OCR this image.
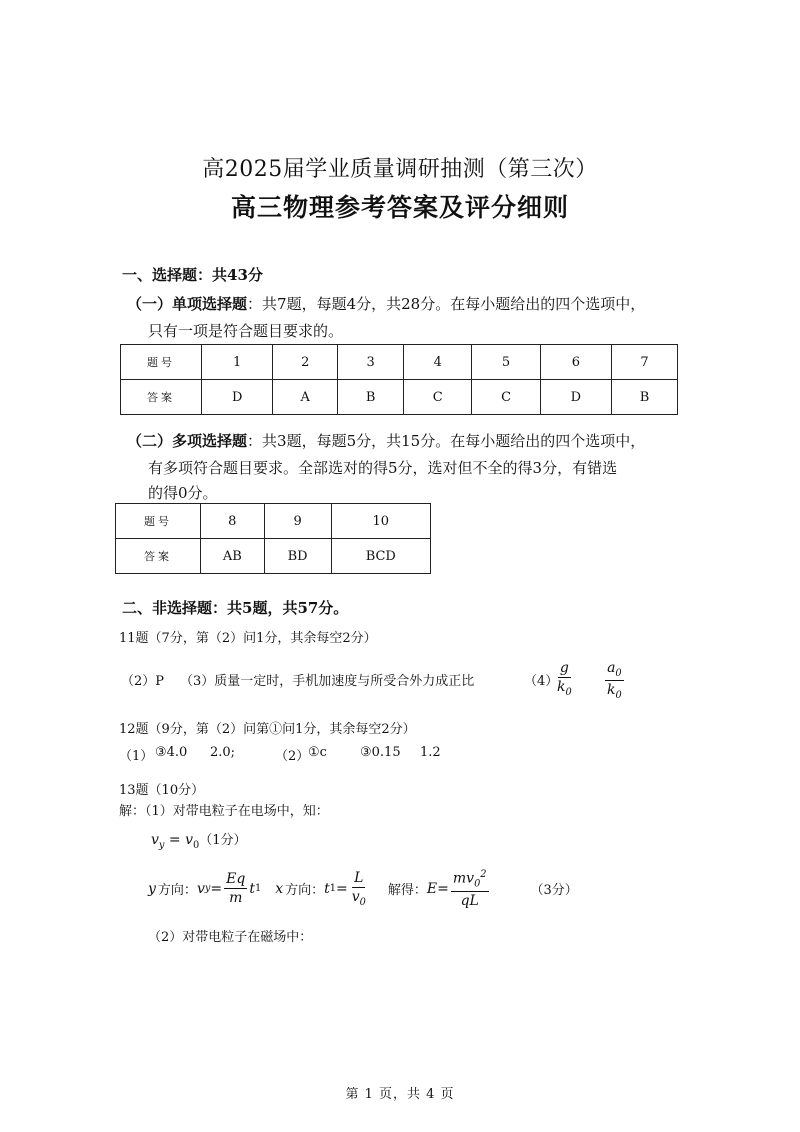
高2025届学业质量调研抽测（第三次）
高三物理参考答案及评分细则
一、选择题：共43分
（一）单项选择题：共7题，每题4分，共28分。在每小题给出的四个选项中，
只有一项是符合题目要求的。
题号	1	2	3	4	5	6	7
答案	D	A	B	C	C	D	B
（二）多项选择题：共3题，每题5分，共15分。在每小题给出的四个选项中，
有多项符合题目要求。全部选对的得5分，选对但不全的得3分，有错选
的得0分。
题号	8	9	10
答案	AB	BD	BCD
二、非选择题：共5题，共57分。
11题（7分，第（2）问1分，其余每空2分）
（2）P （3）质量一定时，手机加速度与所受合外力成正比	（4）
$\frac{g}{k_0} \frac{a_0}{k_0}$
12题（9分，第（2）问第①问1分，其余每空2分）
（1） ③4.0 2.0;	（2）
①c	③0.15 1.2
13题（10分）
解：（1）对带电粒子在电场中，知：
$v_y = v_0(1$分）
y 方向： v $y = \frac{Eq}{m}$ t 1 x 方向： t $1 = \frac{L}{v_0}$ 解得： $E = \frac{mv_0^2}{qL}$	（3分）
（2）对带电粒子在磁场中：
第 1 页，共 4 页
